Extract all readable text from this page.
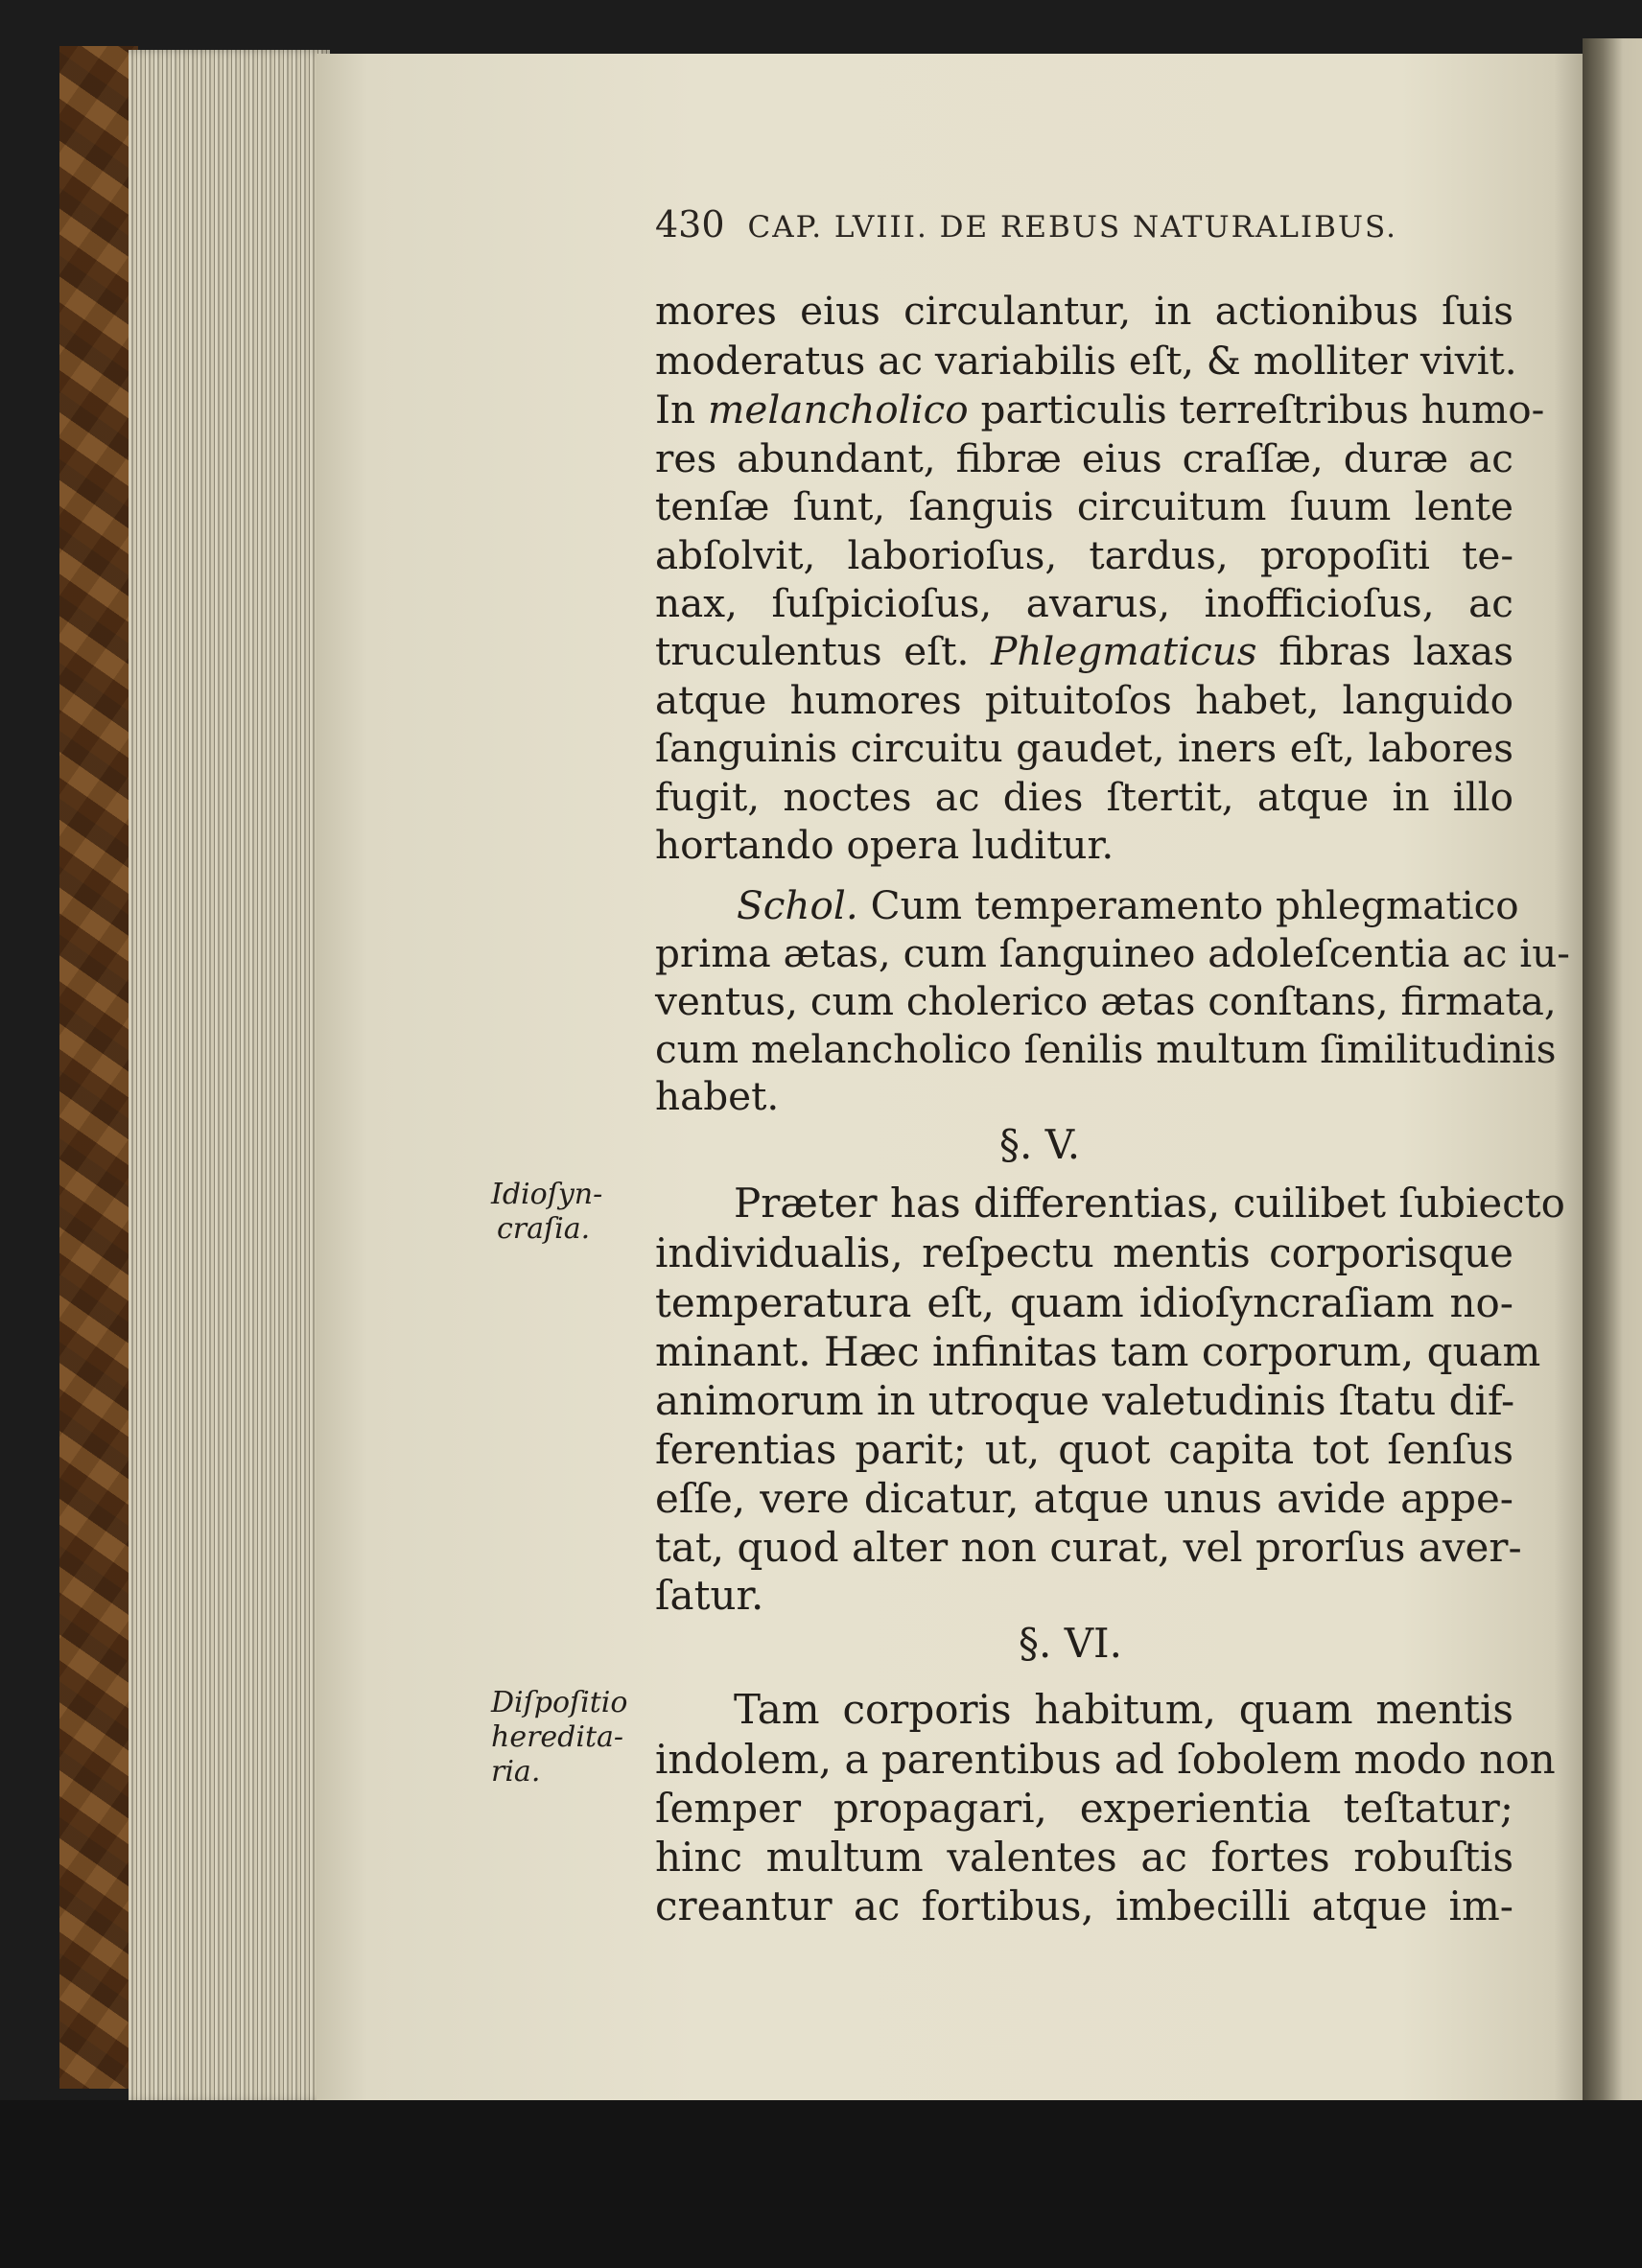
430 CAP. LVIII. DE REBUS NATURALIBUS.
mores eius circulantur, in actionibus ſuis
moderatus ac variabilis eſt, & molliter vivit.
In melancholico particulis terreſtribus humo-
res abundant, fibræ eius craſſæ, duræ ac
tenſæ ſunt, ſanguis circuitum ſuum lente
abſolvit, laborioſus, tardus, propoſiti te-
nax, ſuſpicioſus, avarus, inofficioſus, ac
truculentus eſt. Phlegmaticus fibras laxas
atque humores pituitoſos habet, languido
ſanguinis circuitu gaudet, iners eſt, labores
fugit, noctes ac dies ſtertit, atque in illo
hortando opera luditur.
Schol. Cum temperamento phlegmatico
prima ætas, cum ſanguineo adoleſcentia ac iu-
ventus, cum cholerico ætas conſtans, firmata,
cum melancholico ſenilis multum ſimilitudinis
habet.
§. V.
Idioſyn-
craſia.
Præter has differentias, cuilibet ſubiecto
individualis, reſpectu mentis corporisque
temperatura eſt, quam idioſyncraſiam no-
minant. Hæc infinitas tam corporum, quam
animorum in utroque valetudinis ſtatu dif-
ferentias parit; ut, quot capita tot ſenſus
eſſe, vere dicatur, atque unus avide appe-
tat, quod alter non curat, vel prorſus aver-
ſatur.
§. VI.
Diſpoſitio
heredita-
ria.
Tam corporis habitum, quam mentis
indolem, a parentibus ad ſobolem modo non
ſemper propagari, experientia teſtatur;
hinc multum valentes ac fortes robuſtis
creantur ac fortibus, imbecilli atque im-
